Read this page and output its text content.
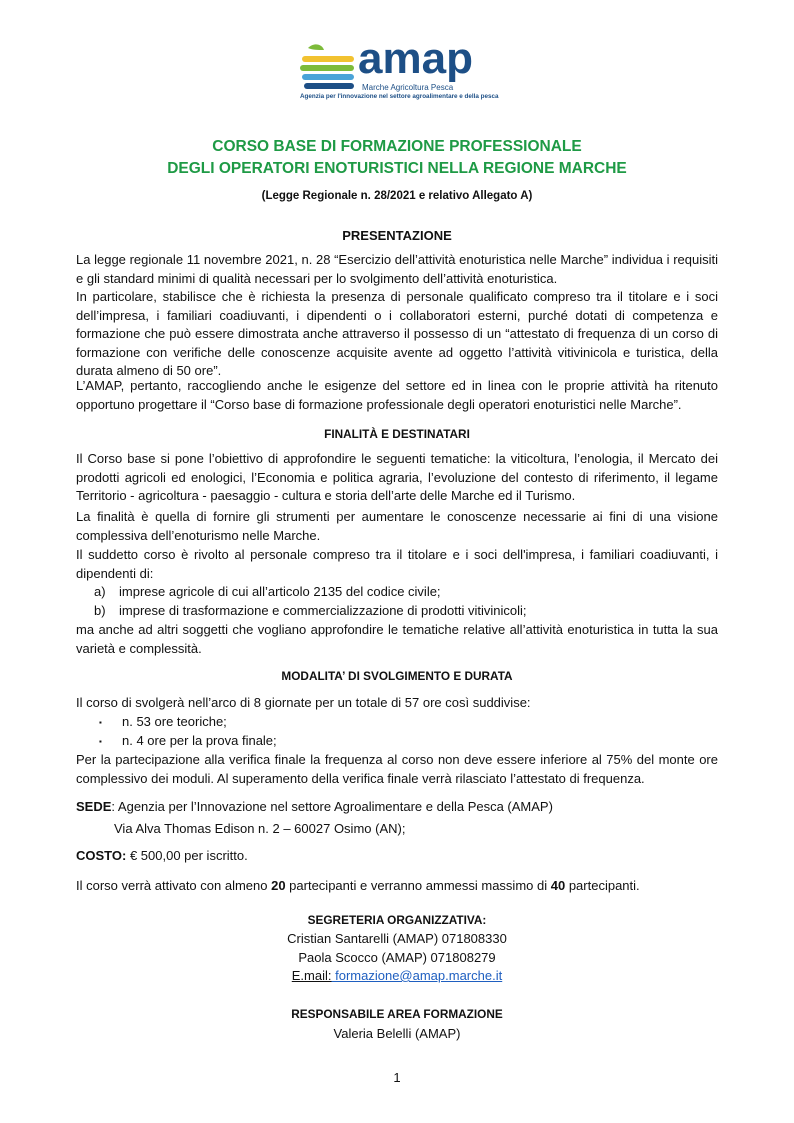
amap
Marche Agricoltura Pesca
Agenzia per l'innovazione nel settore agroalimentare e della pesca
CORSO BASE DI FORMAZIONE PROFESSIONALE
DEGLI OPERATORI ENOTURISTICI NELLA REGIONE MARCHE
(Legge Regionale n. 28/2021 e relativo Allegato A)
PRESENTAZIONE

La legge regionale 11 novembre 2021, n. 28 “Esercizio dell’attività enoturistica nelle Marche” individua i requisiti e gli standard minimi di qualità necessari per lo svolgimento dell’attività enoturistica.

In particolare, stabilisce che è richiesta la presenza di personale qualificato compreso tra il titolare e i soci dell’impresa, i familiari coadiuvanti, i dipendenti o i collaboratori esterni, purché dotati di competenza e formazione che può essere dimostrata anche attraverso il possesso di un “attestato di frequenza di un corso di formazione con verifiche delle conoscenze acquisite avente ad oggetto l’attività vitivinicola e turistica, della durata almeno di 50 ore”.

L’AMAP, pertanto, raccogliendo anche le esigenze del settore ed in linea con le proprie attività ha ritenuto opportuno progettare il “Corso base di formazione professionale degli operatori enoturistici nelle Marche”.

FINALITÀ E DESTINATARI

Il Corso base si pone l’obiettivo di approfondire le seguenti tematiche: la viticoltura, l’enologia, il Mercato dei prodotti agricoli ed enologici, l’Economia e politica agraria, l’evoluzione del contesto di riferimento, il legame Territorio - agricoltura - paesaggio - cultura e storia dell’arte delle Marche ed il Turismo.

La finalità è quella di fornire gli strumenti per aumentare le conoscenze necessarie ai fini di una visione complessiva dell’enoturismo nelle Marche.

Il suddetto corso è rivolto al personale compreso tra il titolare e i soci dell'impresa, i familiari coadiuvanti, i dipendenti di:

a) imprese agricole di cui all’articolo 2135 del codice civile;
b) imprese di trasformazione e commercializzazione di prodotti vitivinicoli;

ma anche ad altri soggetti che vogliano approfondire le tematiche relative all’attività enoturistica in tutta la sua varietà e complessità.

MODALITA’ DI SVOLGIMENTO E DURATA
Il corso di svolgerà nell’arco di 8 giornate per un totale di 57 ore così suddivise:
▪ n. 53 ore teoriche;
▪ n. 4 ore per la prova finale;

Per la partecipazione alla verifica finale la frequenza al corso non deve essere inferiore al 75% del monte ore complessivo dei moduli. Al superamento della verifica finale verrà rilasciato l’attestato di frequenza.

SEDE: Agenzia per l’Innovazione nel settore Agroalimentare e della Pesca (AMAP)
Via Alva Thomas Edison n. 2 – 60027 Osimo (AN);
COSTO: € 500,00 per iscritto.
Il corso verrà attivato con almeno 20 partecipanti e verranno ammessi massimo di 40 partecipanti.
SEGRETERIA ORGANIZZATIVA:
Cristian Santarelli (AMAP) 071808330
Paola Scocco (AMAP) 071808279
E.mail: formazione@amap.marche.it
RESPONSABILE AREA FORMAZIONE
Valeria Belelli (AMAP)
1
